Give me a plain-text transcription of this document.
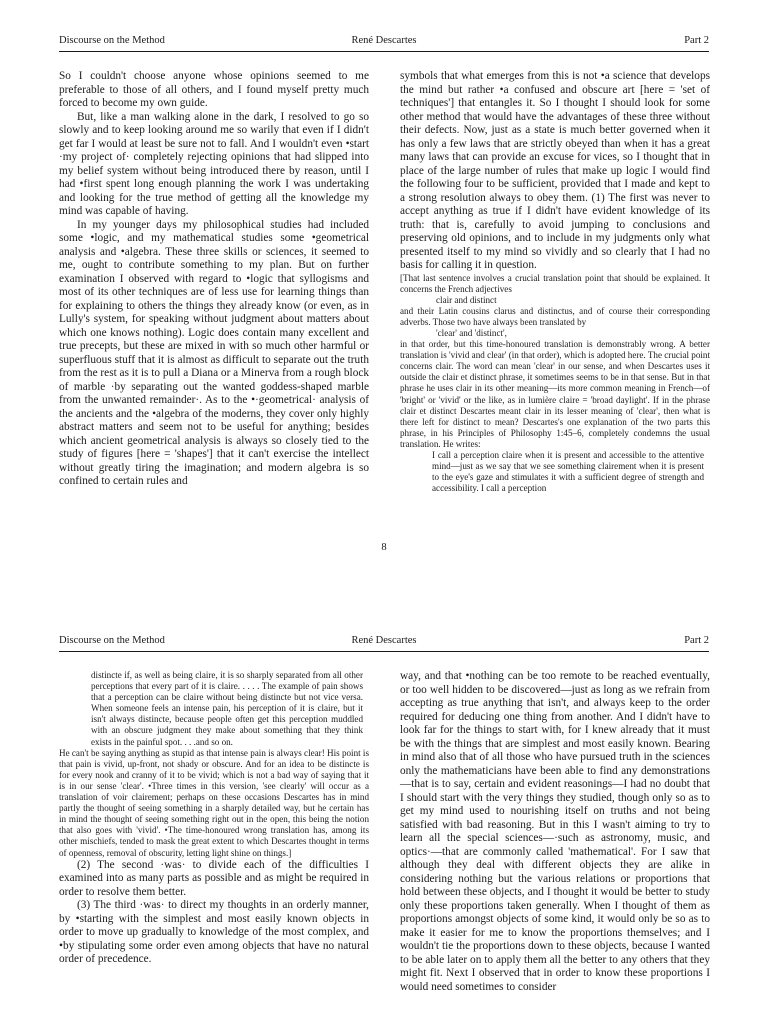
Discourse on the Method	René Descartes	Part 2

So I couldn't choose anyone whose opinions seemed to me preferable to those of all others, and I found myself pretty much forced to become my own guide.

But, like a man walking alone in the dark, I resolved to go so slowly and to keep looking around me so warily that even if I didn't get far I would at least be sure not to fall. And I wouldn't even •start ·my project of· completely rejecting opinions that had slipped into my belief system without being introduced there by reason, until I had •first spent long enough planning the work I was undertaking and looking for the true method of getting all the knowledge my mind was capable of having.

In my younger days my philosophical studies had included some •logic, and my mathematical studies some •geometrical analysis and •algebra. These three skills or sciences, it seemed to me, ought to contribute something to my plan. But on further examination I observed with regard to •logic that syllogisms and most of its other techniques are of less use for learning things than for explaining to others the things they already know (or even, as in Lully's system, for speaking without judgment about matters about which one knows nothing). Logic does contain many excellent and true precepts, but these are mixed in with so much other harmful or superfluous stuff that it is almost as difficult to separate out the truth from the rest as it is to pull a Diana or a Minerva from a rough block of marble ·by separating out the wanted goddess-shaped marble from the unwanted remainder·. As to the •·geometrical· analysis of the ancients and the •algebra of the moderns, they cover only highly abstract matters and seem not to be useful for anything; besides which ancient geometrical analysis is always so closely tied to the study of figures [here = 'shapes'] that it can't exercise the intellect without greatly tiring the imagination; and modern algebra is so confined to certain rules and

symbols that what emerges from this is not •a science that develops the mind but rather •a confused and obscure art [here = 'set of techniques'] that entangles it. So I thought I should look for some other method that would have the advantages of these three without their defects. Now, just as a state is much better governed when it has only a few laws that are strictly obeyed than when it has a great many laws that can provide an excuse for vices, so I thought that in place of the large number of rules that make up logic I would find the following four to be sufficient, provided that I made and kept to a strong resolution always to obey them. (1) The first was never to accept anything as true if I didn't have evident knowledge of its truth: that is, carefully to avoid jumping to conclusions and preserving old opinions, and to include in my judgments only what presented itself to my mind so vividly and so clearly that I had no basis for calling it in question.

[That last sentence involves a crucial translation point that should be explained. It concerns the French adjectives

clair and distinct

and their Latin cousins clarus and distinctus, and of course their corresponding adverbs. Those two have always been translated by

'clear' and 'distinct',

in that order, but this time-honoured translation is demonstrably wrong. A better translation is 'vivid and clear' (in that order), which is adopted here. The crucial point concerns clair. The word can mean 'clear' in our sense, and when Descartes uses it outside the clair et distinct phrase, it sometimes seems to be in that sense. But in that phrase he uses clair in its other meaning—its more common meaning in French—of 'bright' or 'vivid' or the like, as in lumière claire = 'broad daylight'. If in the phrase clair et distinct Descartes meant clair in its lesser meaning of 'clear', then what is there left for distinct to mean? Descartes's one explanation of the two parts this phrase, in his Principles of Philosophy 1:45–6, completely condemns the usual translation. He writes:

I call a perception claire when it is present and accessible to the attentive mind—just as we say that we see something clairement when it is present to the eye's gaze and stimulates it with a sufficient degree of strength and accessibility. I call a perception

8
Discourse on the Method	René Descartes	Part 2

distincte if, as well as being claire, it is so sharply separated from all other perceptions that every part of it is claire. . . . . The example of pain shows that a perception can be claire without being distincte but not vice versa. When someone feels an intense pain, his perception of it is claire, but it isn't always distincte, because people often get this perception muddled with an obscure judgment they make about something that they think exists in the painful spot. . . .and so on.

He can't be saying anything as stupid as that intense pain is always clear! His point is that pain is vivid, up-front, not shady or obscure. And for an idea to be distincte is for every nook and cranny of it to be vivid; which is not a bad way of saying that it is in our sense 'clear'. •Three times in this version, 'see clearly' will occur as a translation of voir clairement; perhaps on these occasions Descartes has in mind partly the thought of seeing something in a sharply detailed way, but he certain has in mind the thought of seeing something right out in the open, this being the notion that also goes with 'vivid'. •The time-honoured wrong translation has, among its other mischiefs, tended to mask the great extent to which Descartes thought in terms of openness, removal of obscurity, letting light shine on things.]

(2) The second ·was· to divide each of the difficulties I examined into as many parts as possible and as might be required in order to resolve them better.

(3) The third ·was· to direct my thoughts in an orderly manner, by •starting with the simplest and most easily known objects in order to move up gradually to knowledge of the most complex, and •by stipulating some order even among objects that have no natural order of precedence.

way, and that •nothing can be too remote to be reached eventually, or too well hidden to be discovered—just as long as we refrain from accepting as true anything that isn't, and always keep to the order required for deducing one thing from another. And I didn't have to look far for the things to start with, for I knew already that it must be with the things that are simplest and most easily known. Bearing in mind also that of all those who have pursued truth in the sciences only the mathematicians have been able to find any demonstrations—that is to say, certain and evident reasonings—I had no doubt that I should start with the very things they studied, though only so as to get my mind used to nourishing itself on truths and not being satisfied with bad reasoning. But in this I wasn't aiming to try to learn all the special sciences—·such as astronomy, music, and optics·—that are commonly called 'mathematical'. For I saw that although they deal with different objects they are alike in considering nothing but the various relations or proportions that hold between these objects, and I thought it would be better to study only these proportions taken generally. When I thought of them as proportions amongst objects of some kind, it would only be so as to make it easier for me to know the proportions themselves; and I wouldn't tie the proportions down to these objects, because I wanted to be able later on to apply them all the better to any others that they might fit. Next I observed that in order to know these proportions I would need sometimes to consider
